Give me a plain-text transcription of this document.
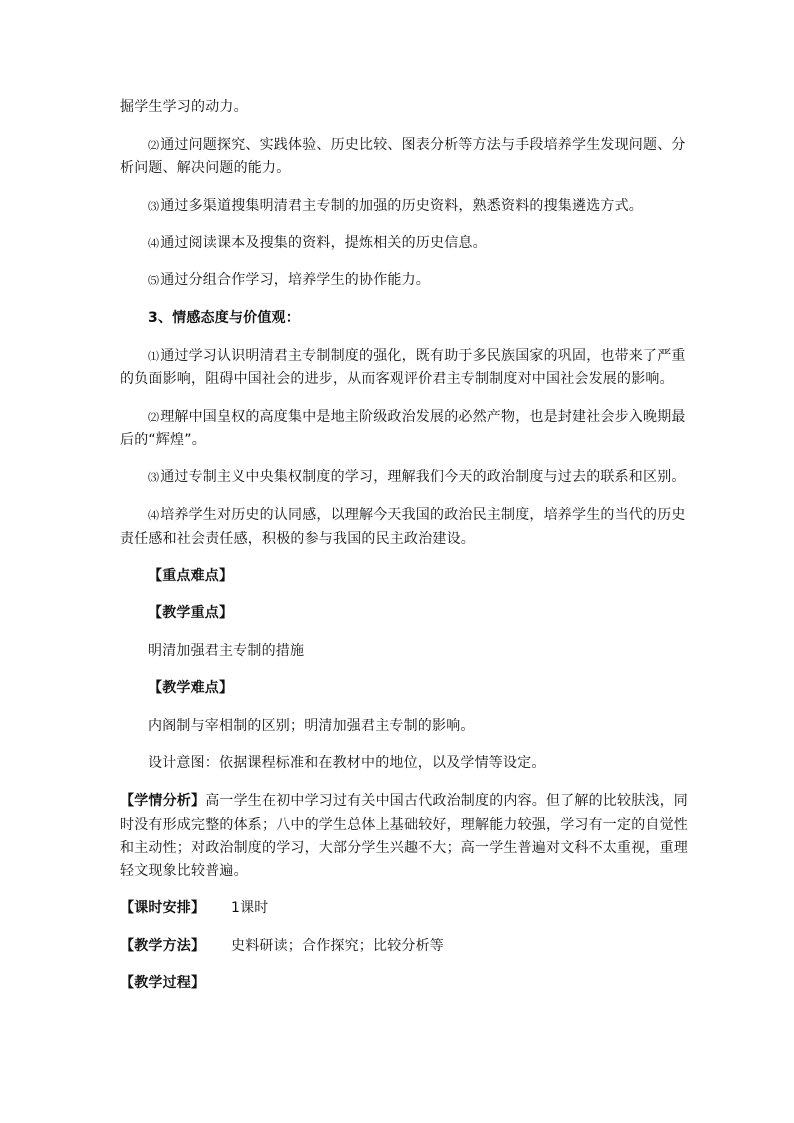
掘学生学习的动力。
⑵通过问题探究、实践体验、历史比较、图表分析等方法与手段培养学生发现问题、分
析问题、解决问题的能力。
⑶通过多渠道搜集明清君主专制的加强的历史资料，熟悉资料的搜集遴选方式。
⑷通过阅读课本及搜集的资料，提炼相关的历史信息。
⑸通过分组合作学习，培养学生的协作能力。
3、情感态度与价值观：
⑴通过学习认识明清君主专制制度的强化，既有助于多民族国家的巩固，也带来了严重
的负面影响，阻碍中国社会的进步，从而客观评价君主专制制度对中国社会发展的影响。
⑵理解中国皇权的高度集中是地主阶级政治发展的必然产物，也是封建社会步入晚期最
后的“辉煌”。
⑶通过专制主义中央集权制度的学习，理解我们今天的政治制度与过去的联系和区别。
⑷培养学生对历史的认同感，以理解今天我国的政治民主制度，培养学生的当代的历史
责任感和社会责任感，积极的参与我国的民主政治建设。
【重点难点】
【教学重点】
明清加强君主专制的措施
【教学难点】
内阁制与宰相制的区别；明清加强君主专制的影响。
设计意图：依据课程标准和在教材中的地位，以及学情等设定。
【学情分析】高一学生在初中学习过有关中国古代政治制度的内容。但了解的比较肤浅，同
时没有形成完整的体系；八中的学生总体上基础较好，理解能力较强，学习有一定的自觉性
和主动性；对政治制度的学习，大部分学生兴趣不大；高一学生普遍对文科不太重视，重理
轻文现象比较普遍。
【课时安排】 1课时
【教学方法】 史料研读；合作探究；比较分析等
【教学过程】
